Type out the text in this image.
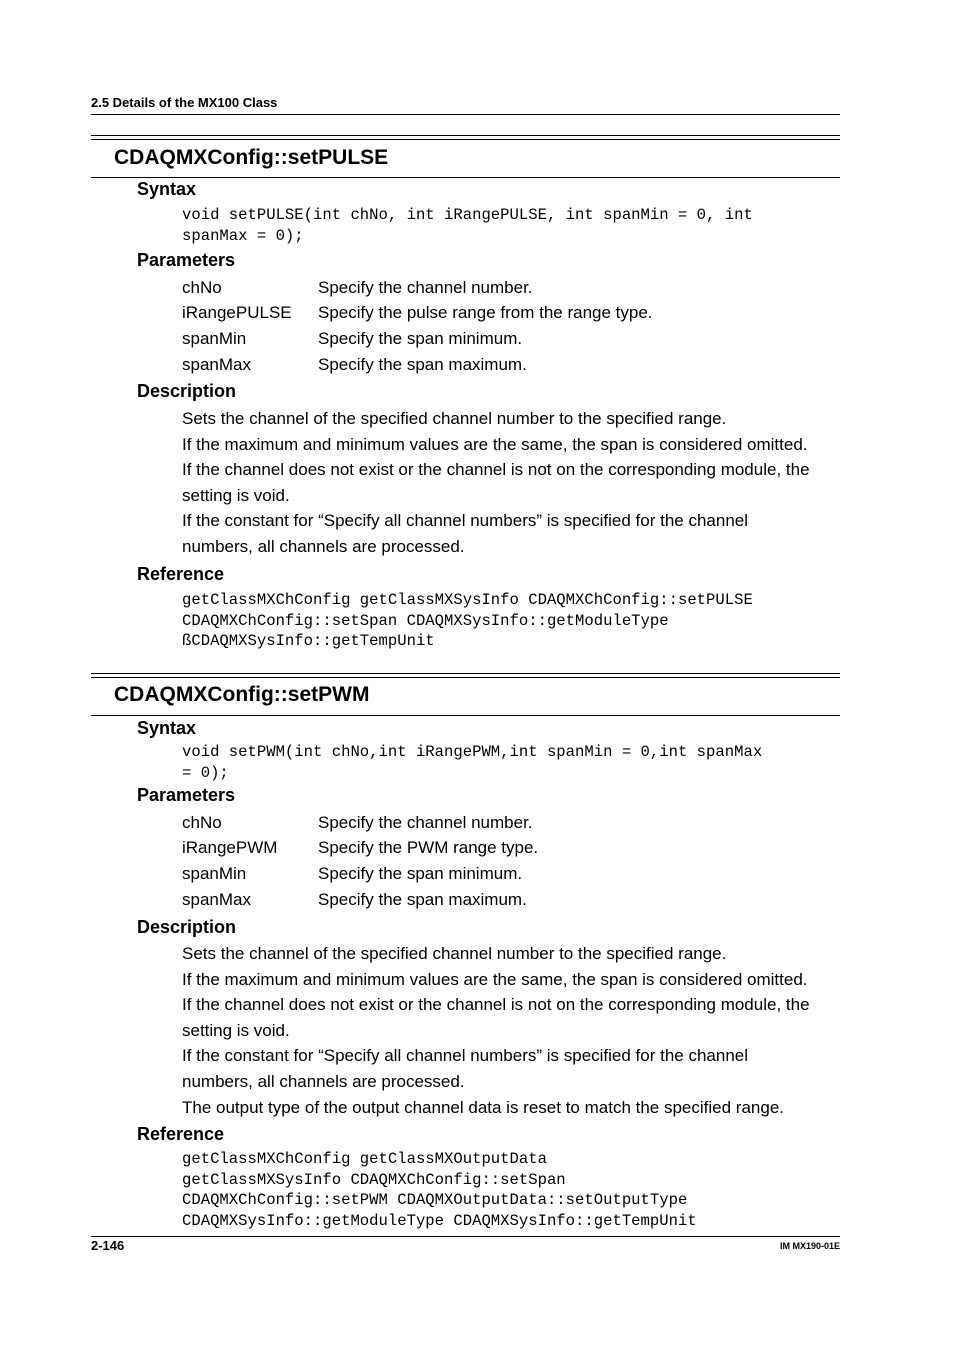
2.5 Details of the MX100 Class
CDAQMXConfig::setPULSE
Syntax
void setPULSE(int chNo, int iRangePULSE, int spanMin = 0, int
spanMax = 0);
Parameters
chNo	Specify the channel number.
iRangePULSE Specify the pulse range from the range type.
spanMin	Specify the span minimum.
spanMax	Specify the span maximum.
Description
Sets the channel of the specified channel number to the specified range.
If the maximum and minimum values are the same, the span is considered omitted.
If the channel does not exist or the channel is not on the corresponding module, the
setting is void.
If the constant for “Specify all channel numbers” is specified for the channel
numbers, all channels are processed.
Reference
getClassMXChConfig getClassMXSysInfo CDAQMXChConfig::setPULSE
CDAQMXChConfig::setSpan CDAQMXSysInfo::getModuleType
ßCDAQMXSysInfo::getTempUnit
CDAQMXConfig::setPWM
Syntax
void setPWM(int chNo,int iRangePWM,int spanMin = 0,int spanMax
= 0);
Parameters
chNo	Specify the channel number.
iRangePWM Specify the PWM range type.
spanMin	Specify the span minimum.
spanMax	Specify the span maximum.
Description
Sets the channel of the specified channel number to the specified range.
If the maximum and minimum values are the same, the span is considered omitted.
If the channel does not exist or the channel is not on the corresponding module, the
setting is void.
If the constant for “Specify all channel numbers” is specified for the channel
numbers, all channels are processed.
The output type of the output channel data is reset to match the specified range.
Reference
getClassMXChConfig getClassMXOutputData
getClassMXSysInfo CDAQMXChConfig::setSpan
CDAQMXChConfig::setPWM CDAQMXOutputData::setOutputType
CDAQMXSysInfo::getModuleType CDAQMXSysInfo::getTempUnit
2-146	IM MX190-01E
